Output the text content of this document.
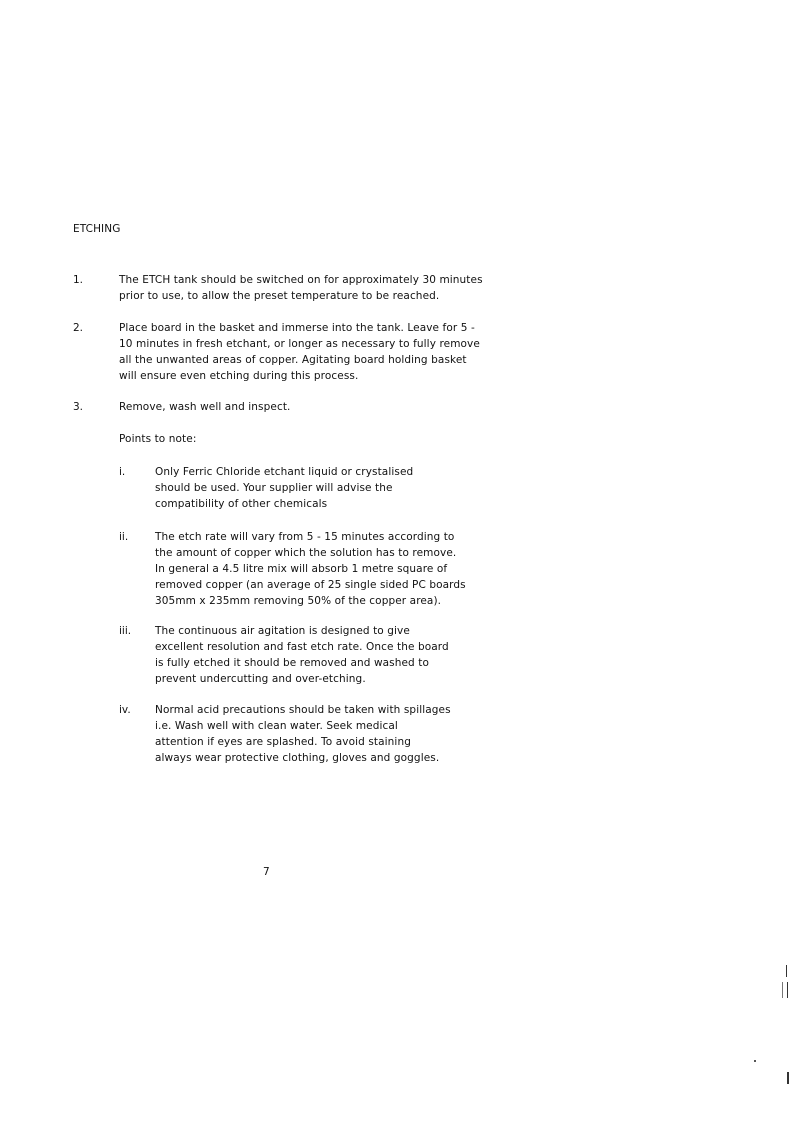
ETCHING
1.	The ETCH tank should be switched on for approximately 30 minutes
prior to use, to allow the preset temperature to be reached.
2.	Place board in the basket and immerse into the tank. Leave for 5 -
10 minutes in fresh etchant, or longer as necessary to fully remove
all the unwanted areas of copper. Agitating board holding basket
will ensure even etching during this process.
3.	Remove, wash well and inspect.
Points to note:
i.	Only Ferric Chloride etchant liquid or crystalised
should be used. Your supplier will advise the
compatibility of other chemicals
ii.	The etch rate will vary from 5 - 15 minutes according to
the amount of copper which the solution has to remove.
In general a 4.5 litre mix will absorb 1 metre square of
removed copper (an average of 25 single sided PC boards
305mm x 235mm removing 50% of the copper area).
iii. The continuous air agitation is designed to give
excellent resolution and fast etch rate. Once the board
is fully etched it should be removed and washed to
prevent undercutting and over-etching.
iv. Normal acid precautions should be taken with spillages
i.e. Wash well with clean water. Seek medical
attention if eyes are splashed. To avoid staining
always wear protective clothing, gloves and goggles.
7
